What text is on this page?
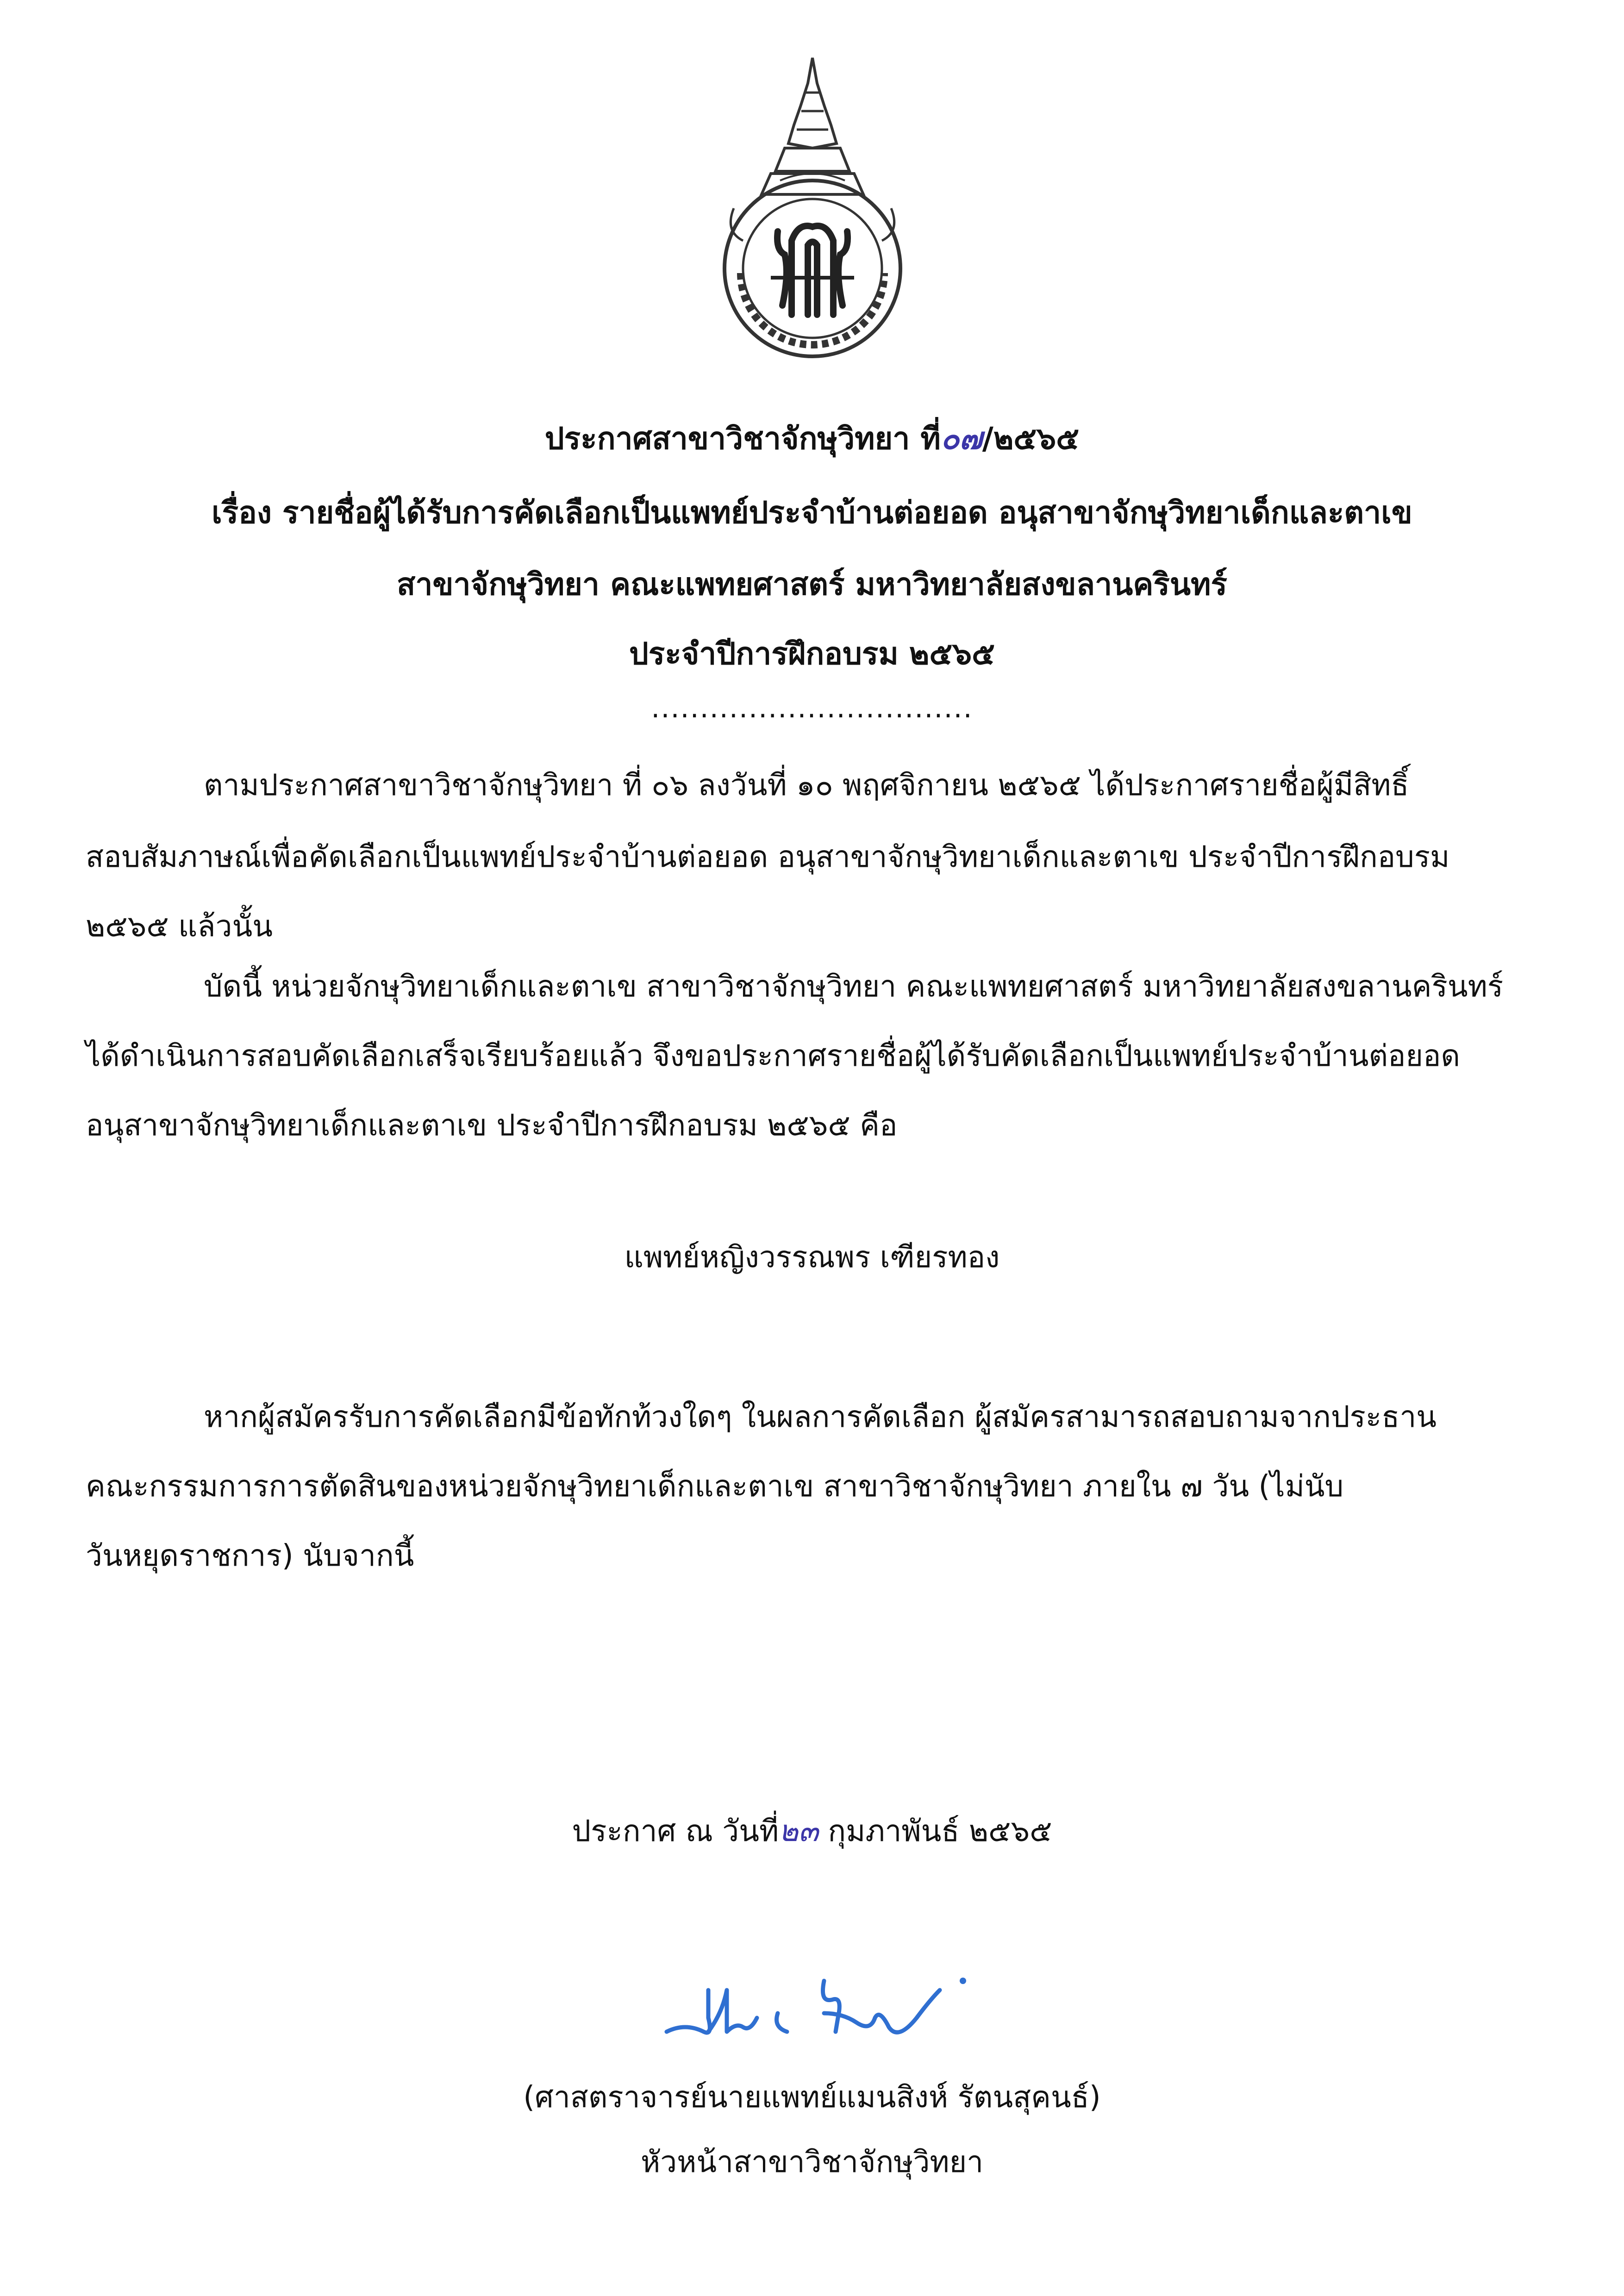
ประกาศสาขาวิชาจักษุวิทยา ที่๐๗/๒๕๖๕
เรื่อง รายชื่อผู้ได้รับการคัดเลือกเป็นแพทย์ประจำบ้านต่อยอด อนุสาขาจักษุวิทยาเด็กและตาเข
สาขาจักษุวิทยา คณะแพทยศาสตร์ มหาวิทยาลัยสงขลานครินทร์
ประจำปีการฝึกอบรม ๒๕๖๕
.................................
ตามประกาศสาขาวิชาจักษุวิทยา ที่ ๐๖ ลงวันที่ ๑๐ พฤศจิกายน ๒๕๖๕ ได้ประกาศรายชื่อผู้มีสิทธิ์
สอบสัมภาษณ์เพื่อคัดเลือกเป็นแพทย์ประจำบ้านต่อยอด อนุสาขาจักษุวิทยาเด็กและตาเข ประจำปีการฝึกอบรม
๒๕๖๕ แล้วนั้น
บัดนี้ หน่วยจักษุวิทยาเด็กและตาเข สาขาวิชาจักษุวิทยา คณะแพทยศาสตร์ มหาวิทยาลัยสงขลานครินทร์
ได้ดำเนินการสอบคัดเลือกเสร็จเรียบร้อยแล้ว จึงขอประกาศรายชื่อผู้ได้รับคัดเลือกเป็นแพทย์ประจำบ้านต่อยอด
อนุสาขาจักษุวิทยาเด็กและตาเข ประจำปีการฝึกอบรม ๒๕๖๕ คือ
แพทย์หญิงวรรณพร เฑียรทอง
หากผู้สมัครรับการคัดเลือกมีข้อทักท้วงใดๆ ในผลการคัดเลือก ผู้สมัครสามารถสอบถามจากประธาน
คณะกรรมการการตัดสินของหน่วยจักษุวิทยาเด็กและตาเข สาขาวิชาจักษุวิทยา ภายใน ๗ วัน (ไม่นับ
วันหยุดราชการ) นับจากนี้
ประกาศ ณ วันที่๒๓ กุมภาพันธ์ ๒๕๖๕
(ศาสตราจารย์นายแพทย์แมนสิงห์ รัตนสุคนธ์)
หัวหน้าสาขาวิชาจักษุวิทยา
